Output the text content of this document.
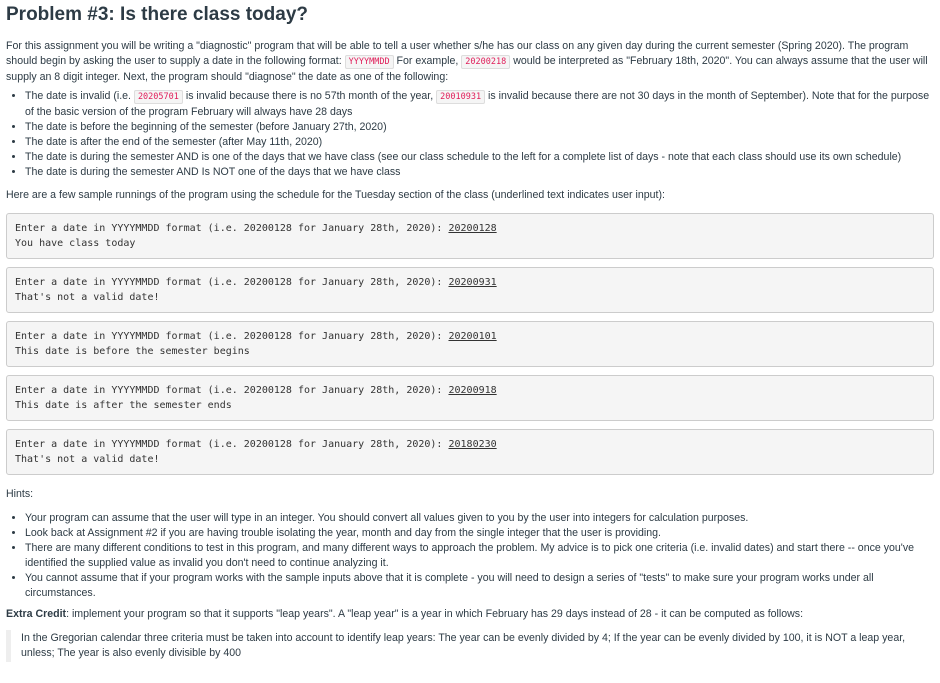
Problem #3: Is there class today?

For this assignment you will be writing a "diagnostic" program that will be able to tell a user whether s/he has our class on any given day during the current semester (Spring 2020). The program should begin by asking the user to supply a date in the following format: YYYYMMDD For example, 20200218 would be interpreted as "February 18th, 2020". You can always assume that the user will supply an 8 digit integer. Next, the program should "diagnose" the date as one of the following:

• The date is invalid (i.e. 20205701 is invalid because there is no 57th month of the year, 20010931 is invalid because there are not 30 days in the month of September). Note that for the purpose of the basic version of the program February will always have 28 days
• The date is before the beginning of the semester (before January 27th, 2020)
• The date is after the end of the semester (after May 11th, 2020)
• The date is during the semester AND is one of the days that we have class (see our class schedule to the left for a complete list of days - note that each class should use its own schedule)
• The date is during the semester AND Is NOT one of the days that we have class

Here are a few sample runnings of the program using the schedule for the Tuesday section of the class (underlined text indicates user input):

Enter a date in YYYYMMDD format (i.e. 20200128 for January 28th, 2020): 20200128
You have class today
Enter a date in YYYYMMDD format (i.e. 20200128 for January 28th, 2020): 20200931
That's not a valid date!
Enter a date in YYYYMMDD format (i.e. 20200128 for January 28th, 2020): 20200101
This date is before the semester begins
Enter a date in YYYYMMDD format (i.e. 20200128 for January 28th, 2020): 20200918
This date is after the semester ends
Enter a date in YYYYMMDD format (i.e. 20200128 for January 28th, 2020): 20180230
That's not a valid date!

Hints:

• Your program can assume that the user will type in an integer. You should convert all values given to you by the user into integers for calculation purposes.
• Look back at Assignment #2 if you are having trouble isolating the year, month and day from the single integer that the user is providing.
• There are many different conditions to test in this program, and many different ways to approach the problem. My advice is to pick one criteria (i.e. invalid dates) and start there -- once you've identified the supplied value as invalid you don't need to continue analyzing it.
• You cannot assume that if your program works with the sample inputs above that it is complete - you will need to design a series of "tests" to make sure your program works under all circumstances.

Extra Credit: implement your program so that it supports "leap years". A "leap year" is a year in which February has 29 days instead of 28 - it can be computed as follows:

In the Gregorian calendar three criteria must be taken into account to identify leap years: The year can be evenly divided by 4; If the year can be evenly divided by 100, it is NOT a leap year, unless; The year is also evenly divisible by 400
